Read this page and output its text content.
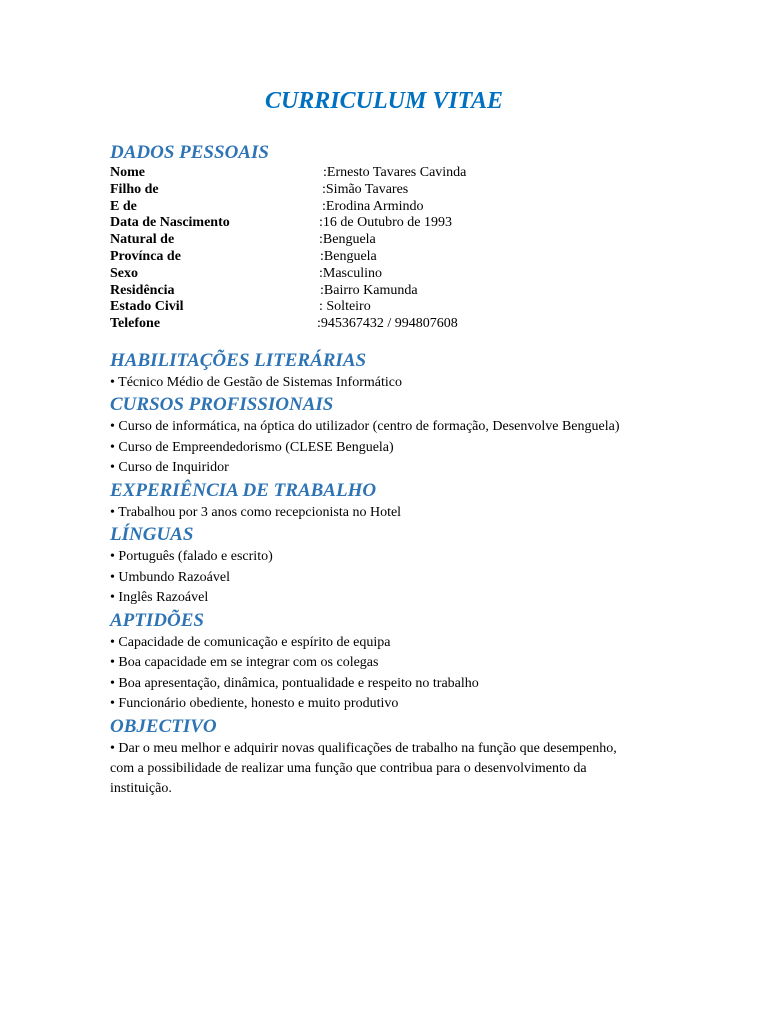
CURRICULUM VITAE
DADOS PESSOAIS
Nome	:Ernesto Tavares Cavinda
Filho de	:Simão Tavares
E de	:Erodina Armindo
Data de Nascimento	:16 de Outubro de 1993
Natural de	:Benguela
Provínca de	:Benguela
Sexo	:Masculino
Residência	:Bairro Kamunda
Estado Civil	: Solteiro
Telefone	:945367432 / 994807608
HABILITAÇÕES LITERÁRIAS
• Técnico Médio de Gestão de Sistemas Informático
CURSOS PROFISSIONAIS
• Curso de informática, na óptica do utilizador (centro de formação, Desenvolve Benguela)
• Curso de Empreendedorismo (CLESE Benguela)
• Curso de Inquiridor
EXPERIÊNCIA DE TRABALHO
• Trabalhou por 3 anos como recepcionista no Hotel
LÍNGUAS
• Português (falado e escrito)
• Umbundo Razoável
• Inglês Razoável
APTIDÕES
• Capacidade de comunicação e espírito de equipa
• Boa capacidade em se integrar com os colegas
• Boa apresentação, dinâmica, pontualidade e respeito no trabalho
• Funcionário obediente, honesto e muito produtivo
OBJECTIVO
• Dar o meu melhor e adquirir novas qualificações de trabalho na função que desempenho, com a possibilidade de realizar uma função que contribua para o desenvolvimento da instituição.
